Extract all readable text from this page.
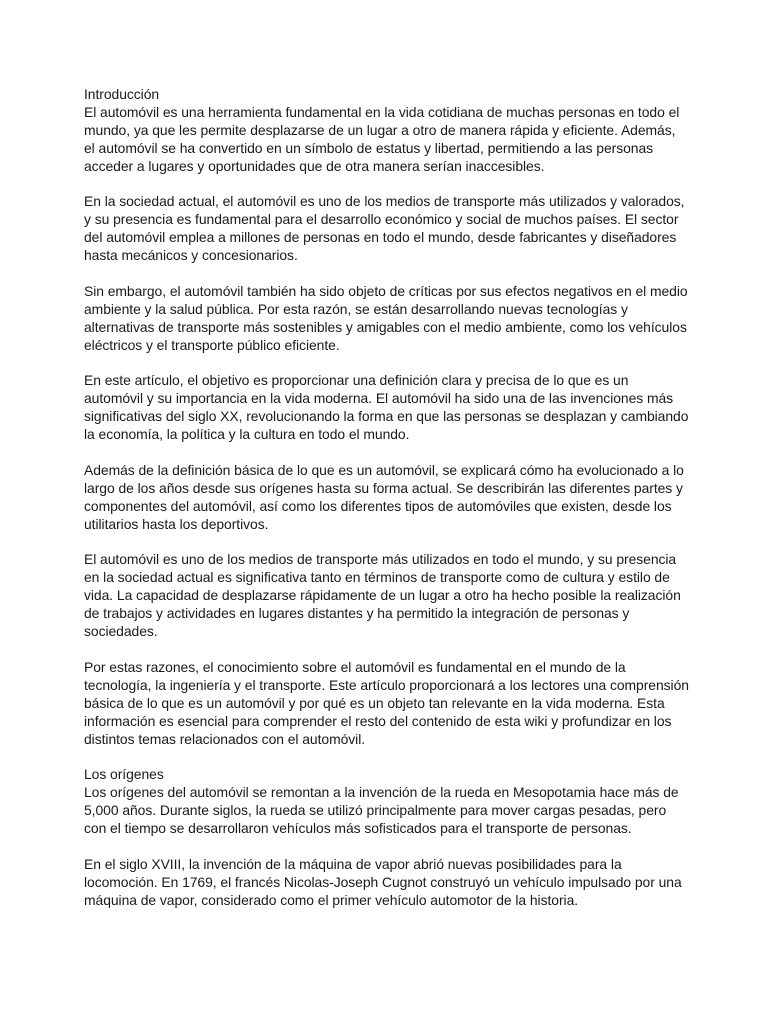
Introducción

El automóvil es una herramienta fundamental en la vida cotidiana de muchas personas en todo el mundo, ya que les permite desplazarse de un lugar a otro de manera rápida y eficiente. Además, el automóvil se ha convertido en un símbolo de estatus y libertad, permitiendo a las personas acceder a lugares y oportunidades que de otra manera serían inaccesibles.

En la sociedad actual, el automóvil es uno de los medios de transporte más utilizados y valorados, y su presencia es fundamental para el desarrollo económico y social de muchos países. El sector del automóvil emplea a millones de personas en todo el mundo, desde fabricantes y diseñadores hasta mecánicos y concesionarios.

Sin embargo, el automóvil también ha sido objeto de críticas por sus efectos negativos en el medio ambiente y la salud pública. Por esta razón, se están desarrollando nuevas tecnologías y alternativas de transporte más sostenibles y amigables con el medio ambiente, como los vehículos eléctricos y el transporte público eficiente.

En este artículo, el objetivo es proporcionar una definición clara y precisa de lo que es un automóvil y su importancia en la vida moderna. El automóvil ha sido una de las invenciones más significativas del siglo XX, revolucionando la forma en que las personas se desplazan y cambiando la economía, la política y la cultura en todo el mundo.

Además de la definición básica de lo que es un automóvil, se explicará cómo ha evolucionado a lo largo de los años desde sus orígenes hasta su forma actual. Se describirán las diferentes partes y componentes del automóvil, así como los diferentes tipos de automóviles que existen, desde los utilitarios hasta los deportivos.

El automóvil es uno de los medios de transporte más utilizados en todo el mundo, y su presencia en la sociedad actual es significativa tanto en términos de transporte como de cultura y estilo de vida. La capacidad de desplazarse rápidamente de un lugar a otro ha hecho posible la realización de trabajos y actividades en lugares distantes y ha permitido la integración de personas y sociedades.

Por estas razones, el conocimiento sobre el automóvil es fundamental en el mundo de la tecnología, la ingeniería y el transporte. Este artículo proporcionará a los lectores una comprensión básica de lo que es un automóvil y por qué es un objeto tan relevante en la vida moderna. Esta información es esencial para comprender el resto del contenido de esta wiki y profundizar en los distintos temas relacionados con el automóvil.

Los orígenes

Los orígenes del automóvil se remontan a la invención de la rueda en Mesopotamia hace más de 5,000 años. Durante siglos, la rueda se utilizó principalmente para mover cargas pesadas, pero con el tiempo se desarrollaron vehículos más sofisticados para el transporte de personas.

En el siglo XVIII, la invención de la máquina de vapor abrió nuevas posibilidades para la locomoción. En 1769, el francés Nicolas-Joseph Cugnot construyó un vehículo impulsado por una máquina de vapor, considerado como el primer vehículo automotor de la historia.
